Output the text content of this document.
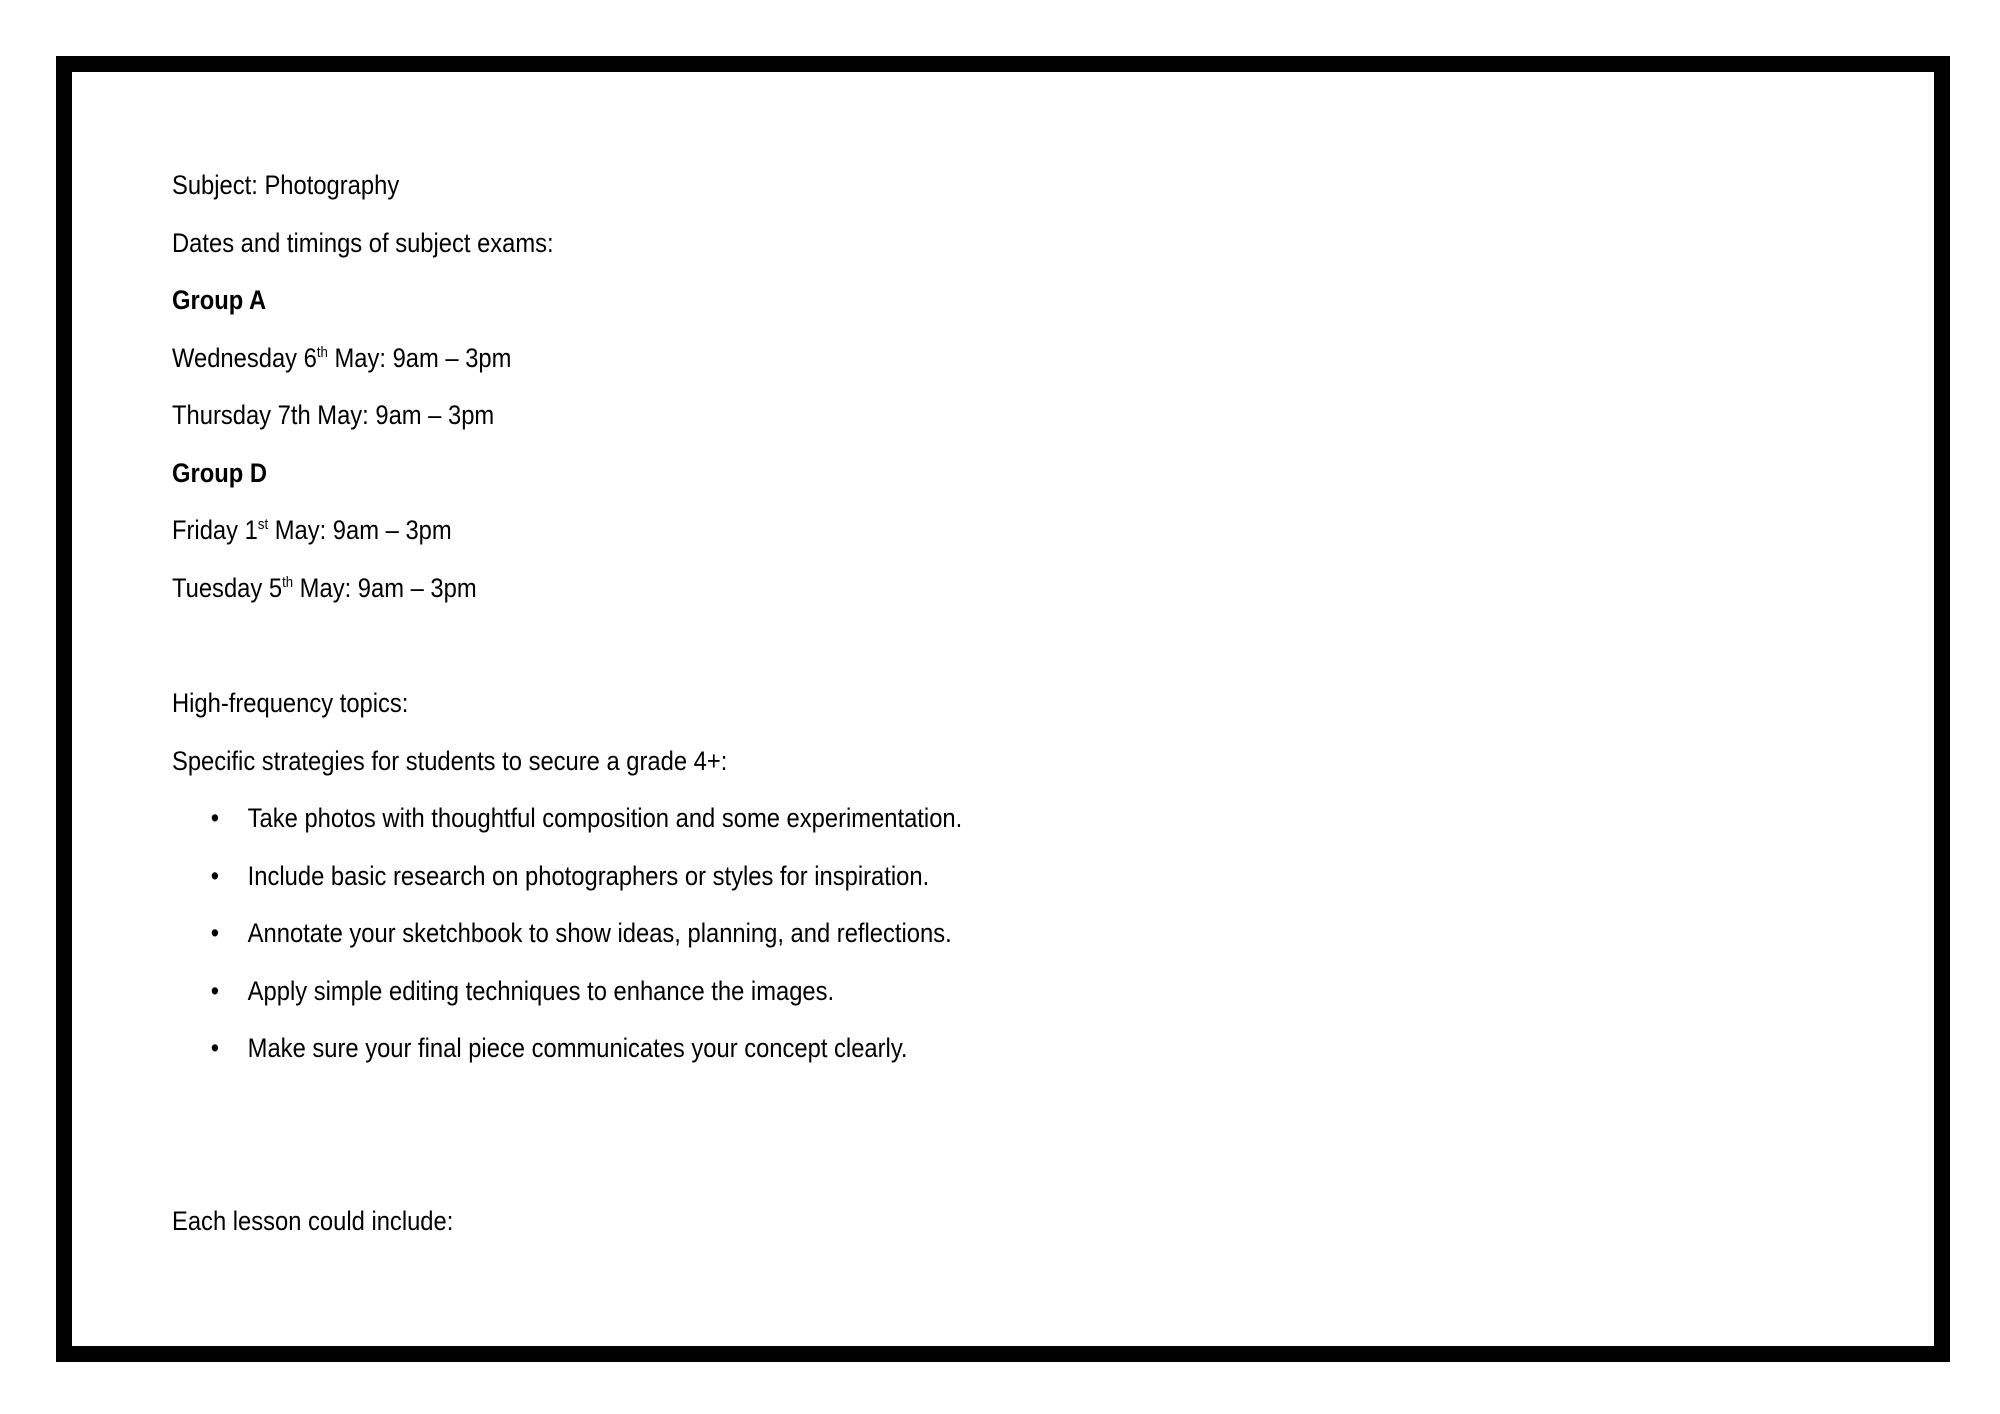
Subject: Photography
Dates and timings of subject exams:
Group A
Wednesday 6th May: 9am – 3pm
Thursday 7th May: 9am – 3pm
Group D
Friday 1st May: 9am – 3pm
Tuesday 5th May: 9am – 3pm
High-frequency topics:
Specific strategies for students to secure a grade 4+:
• Take photos with thoughtful composition and some experimentation.
• Include basic research on photographers or styles for inspiration.
• Annotate your sketchbook to show ideas, planning, and reflections.
• Apply simple editing techniques to enhance the images.
• Make sure your final piece communicates your concept clearly.
Each lesson could include:
